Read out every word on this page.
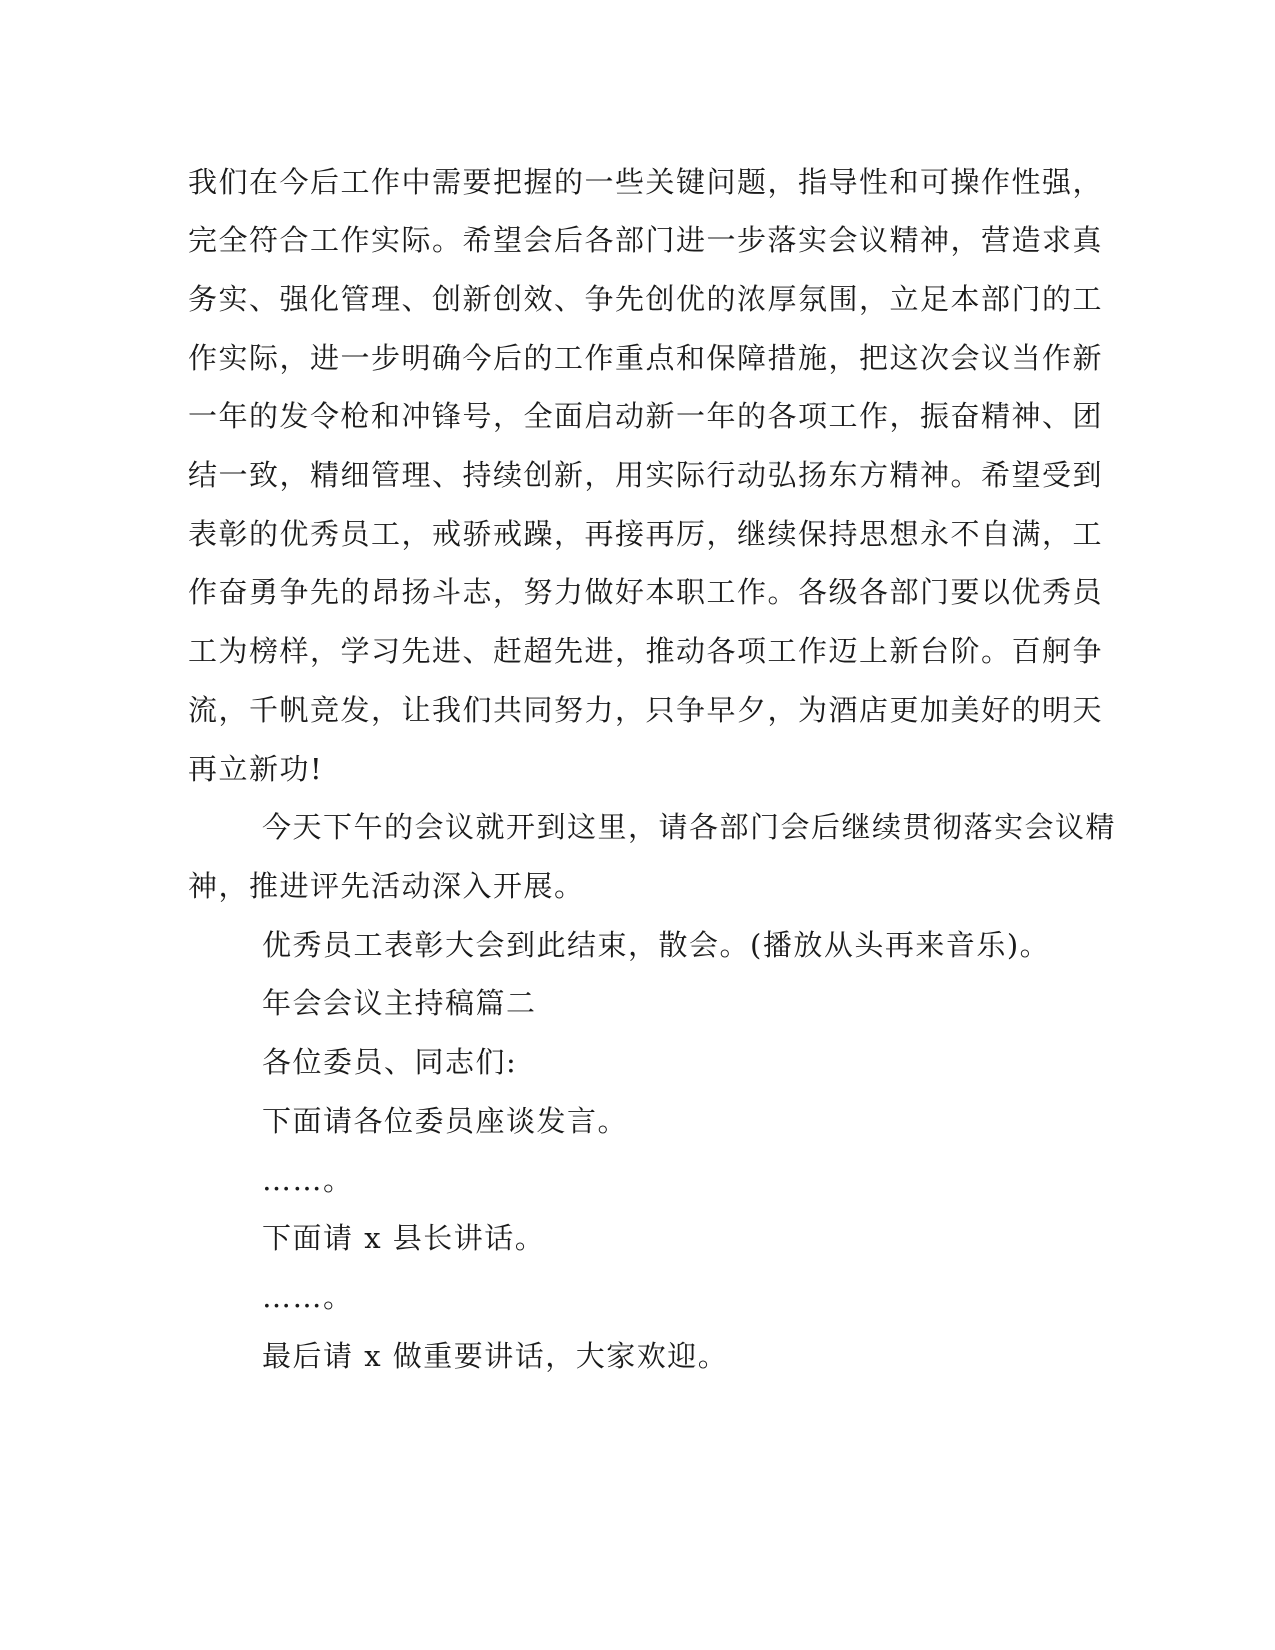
我们在今后工作中需要把握的一些关键问题，指导性和可操作性强，

完全符合工作实际。希望会后各部门进一步落实会议精神，营造求真

务实、强化管理、创新创效、争先创优的浓厚氛围，立足本部门的工

作实际，进一步明确今后的工作重点和保障措施，把这次会议当作新

一年的发令枪和冲锋号，全面启动新一年的各项工作，振奋精神、团

结一致，精细管理、持续创新，用实际行动弘扬东方精神。希望受到

表彰的优秀员工，戒骄戒躁，再接再厉，继续保持思想永不自满，工

作奋勇争先的昂扬斗志，努力做好本职工作。各级各部门要以优秀员

工为榜样，学习先进、赶超先进，推动各项工作迈上新台阶。百舸争

流，千帆竞发，让我们共同努力，只争早夕，为酒店更加美好的明天

再立新功!

今天下午的会议就开到这里，请各部门会后继续贯彻落实会议精

神，推进评先活动深入开展。

优秀员工表彰大会到此结束，散会。(播放从头再来音乐)。

年会会议主持稿篇二

各位委员、同志们:

下面请各位委员座谈发言。

……。

下面请 x 县长讲话。

……。

最后请 x 做重要讲话，大家欢迎。
